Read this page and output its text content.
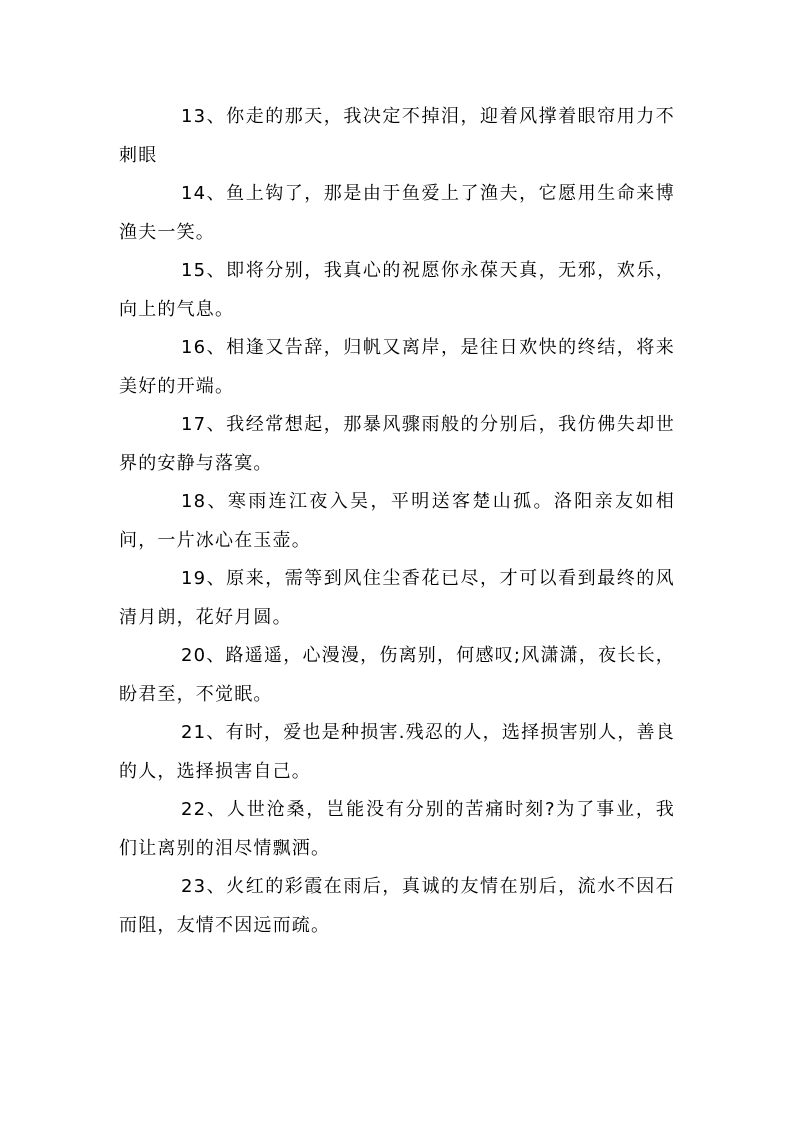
13、你走的那天，我决定不掉泪，迎着风撑着眼帘用力不刺眼

14、鱼上钩了，那是由于鱼爱上了渔夫，它愿用生命来博渔夫一笑。

15、即将分别，我真心的祝愿你永葆天真，无邪，欢乐，向上的气息。

16、相逢又告辞，归帆又离岸，是往日欢快的终结，将来美好的开端。

17、我经常想起，那暴风骤雨般的分别后，我仿佛失却世界的安静与落寞。

18、寒雨连江夜入吴，平明送客楚山孤。洛阳亲友如相问，一片冰心在玉壶。

19、原来，需等到风住尘香花已尽，才可以看到最终的风清月朗，花好月圆。

20、路遥遥，心漫漫，伤离别，何感叹;风潇潇，夜长长，盼君至，不觉眠。

21、有时，爱也是种损害.残忍的人，选择损害别人，善良的人，选择损害自己。

22、人世沧桑，岂能没有分别的苦痛时刻?为了事业，我们让离别的泪尽情飘洒。

23、火红的彩霞在雨后，真诚的友情在别后，流水不因石而阻，友情不因远而疏。
